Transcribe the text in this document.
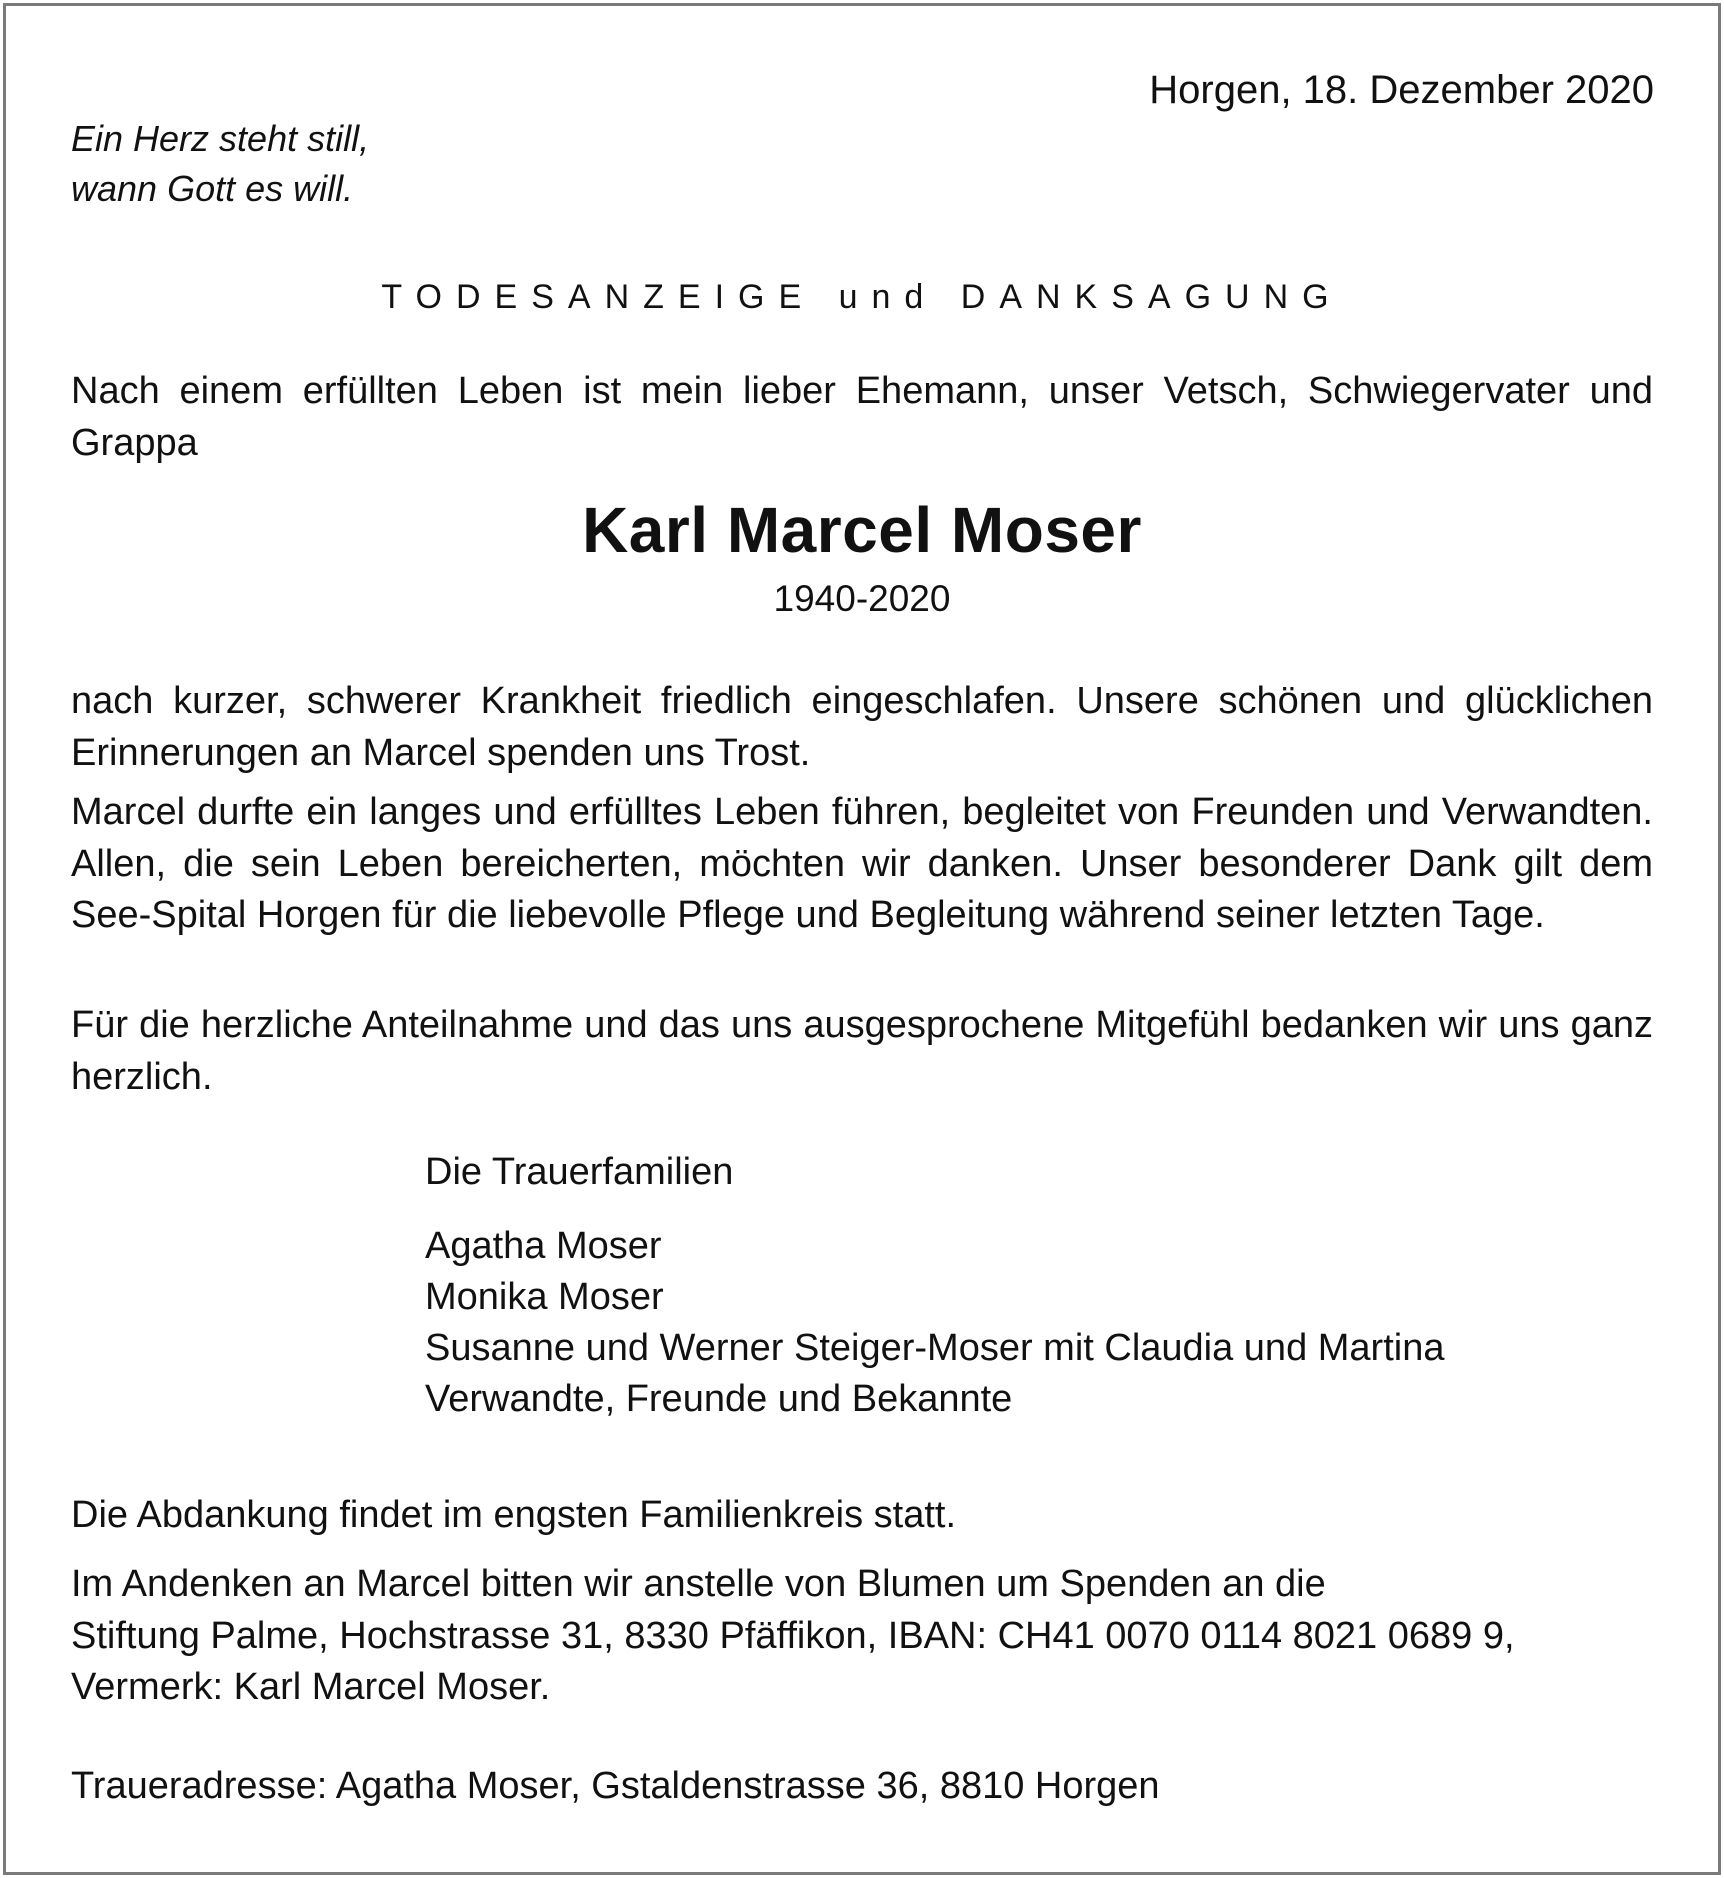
Horgen, 18. Dezember 2020
Ein Herz steht still,
wann Gott es will.
TODESANZEIGE und DANKSAGUNG
Nach einem erfüllten Leben ist mein lieber Ehemann, unser Vetsch, Schwiegervater und Grappa
Karl Marcel Moser
1940-2020
nach kurzer, schwerer Krankheit friedlich eingeschlafen. Unsere schönen und glücklichen Erinnerungen an Marcel spenden uns Trost.
Marcel durfte ein langes und erfülltes Leben führen, begleitet von Freunden und Verwandten. Allen, die sein Leben bereicherten, möchten wir danken. Unser besonderer Dank gilt dem See-Spital Horgen für die liebevolle Pflege und Begleitung während seiner letzten Tage.
Für die herzliche Anteilnahme und das uns ausgesprochene Mitgefühl bedanken wir uns ganz herzlich.
Die Trauerfamilien
Agatha Moser
Monika Moser
Susanne und Werner Steiger-Moser mit Claudia und Martina
Verwandte, Freunde und Bekannte
Die Abdankung findet im engsten Familienkreis statt.
Im Andenken an Marcel bitten wir anstelle von Blumen um Spenden an die
Stiftung Palme, Hochstrasse 31, 8330 Pfäffikon, IBAN: CH41 0070 0114 8021 0689 9,
Vermerk: Karl Marcel Moser.
Traueradresse: Agatha Moser, Gstaldenstrasse 36, 8810 Horgen
